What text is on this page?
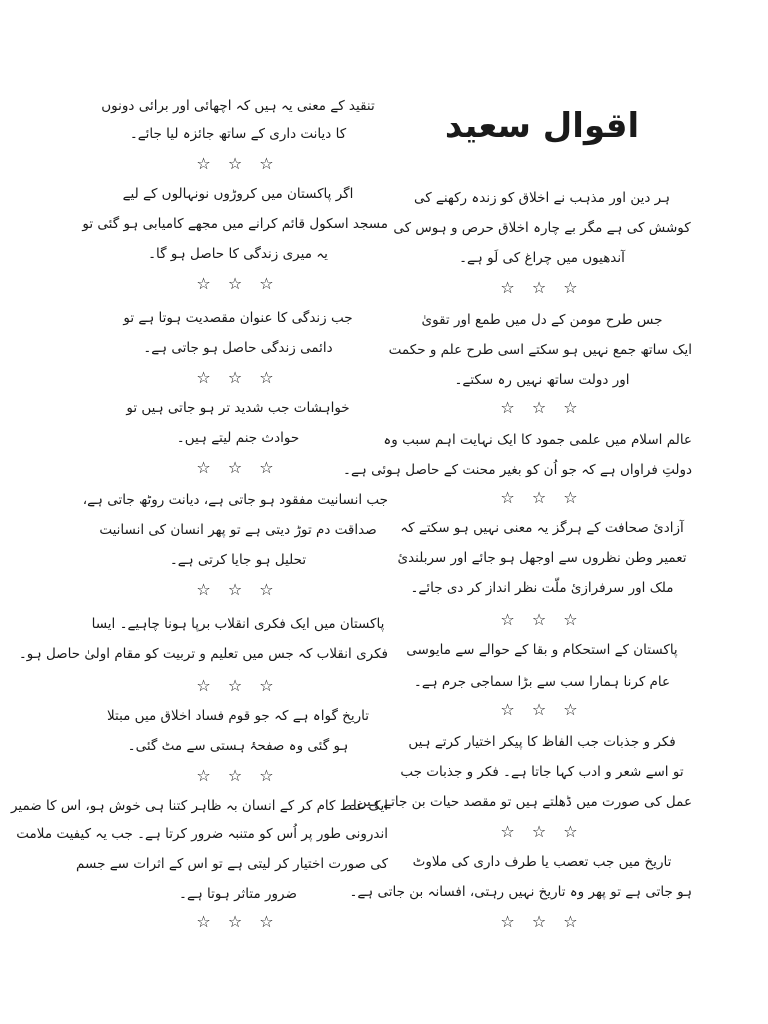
تنقید کے معنی یہ ہیں کہ اچھائی اور برائی دونوں
کا دیانت داری کے ساتھ جائزہ لیا جائے۔
☆ ☆ ☆
اگر پاکستان میں کروڑوں نونہالوں کے لیے
مسجد اسکول قائم کرانے میں مجھے کامیابی ہو گئی تو
یہ میری زندگی کا حاصل ہو گا۔
☆ ☆ ☆
جب زندگی کا عنوان مقصدیت ہوتا ہے تو
دائمی زندگی حاصل ہو جاتی ہے۔
☆ ☆ ☆
خواہشات جب شدید تر ہو جاتی ہیں تو
حوادث جنم لیتے ہیں۔
☆ ☆ ☆
جب انسانیت مفقود ہو جاتی ہے، دیانت روٹھ جاتی ہے،
صداقت دم توڑ دیتی ہے تو پھر انسان کی انسانیت
تحلیل ہو جایا کرتی ہے۔
☆ ☆ ☆
پاکستان میں ایک فکری انقلاب برپا ہونا چاہیے۔ ایسا
فکری انقلاب کہ جس میں تعلیم و تربیت کو مقام اولیٰ حاصل ہو۔
☆ ☆ ☆
تاریخ گواہ ہے کہ جو قوم فساد اخلاق میں مبتلا
ہو گئی وہ صفحۂ ہستی سے مٹ گئی۔
☆ ☆ ☆
ایک غلط کام کر کے انسان بہ ظاہر کتنا ہی خوش ہو، اس کا ضمیر
اندرونی طور پر اُس کو متنبہ ضرور کرتا ہے۔ جب یہ کیفیت ملامت
کی صورت اختیار کر لیتی ہے تو اس کے اثرات سے جسم
ضرور متاثر ہوتا ہے۔
☆ ☆ ☆
اقوال سعید
ہر دین اور مذہب نے اخلاق کو زندہ رکھنے کی
کوشش کی ہے مگر بے چارہ اخلاق حرص و ہوس کی
آندھیوں میں چراغ کی لَو ہے۔
☆ ☆ ☆
جس طرح مومن کے دل میں طمع اور تقویٰ
ایک ساتھ جمع نہیں ہو سکتے اسی طرح علم و حکمت
اور دولت ساتھ نہیں رہ سکتے۔
☆ ☆ ☆
عالم اسلام میں علمی جمود کا ایک نہایت اہم سبب وہ
دولتِ فراواں ہے کہ جو اُن کو بغیر محنت کے حاصل ہوئی ہے۔
☆ ☆ ☆
آزادیٔ صحافت کے ہرگز یہ معنی نہیں ہو سکتے کہ
تعمیر وطن نظروں سے اوجھل ہو جائے اور سربلندیٔ
ملک اور سرفرازیٔ ملّت نظر انداز کر دی جائے۔
☆ ☆ ☆
پاکستان کے استحکام و بقا کے حوالے سے مایوسی
عام کرنا ہمارا سب سے بڑا سماجی جرم ہے۔
☆ ☆ ☆
فکر و جذبات جب الفاظ کا پیکر اختیار کرتے ہیں
تو اسے شعر و ادب کہا جاتا ہے۔ فکر و جذبات جب
عمل کی صورت میں ڈھلتے ہیں تو مقصد حیات بن جاتے ہیں۔
☆ ☆ ☆
تاریخ میں جب تعصب یا طرف داری کی ملاوٹ
ہو جاتی ہے تو پھر وہ تاریخ نہیں رہتی، افسانہ بن جاتی ہے۔
☆ ☆ ☆
